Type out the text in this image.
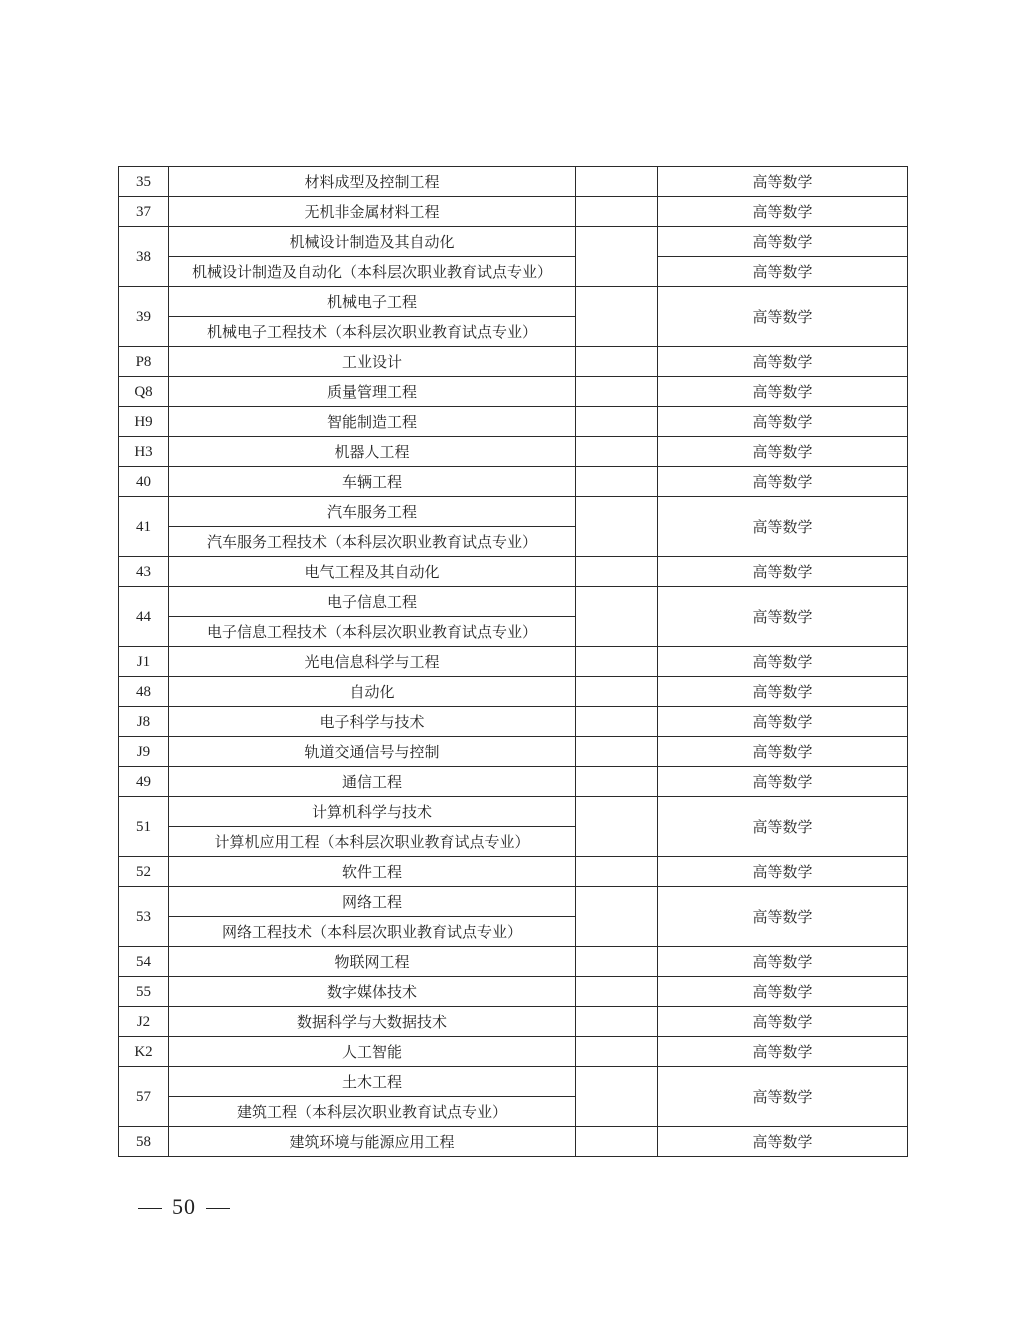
35	材料成型及控制工程		高等数学
37	无机非金属材料工程		高等数学
38	机械设计制造及其自动化		高等数学
	机械设计制造及自动化（本科层次职业教育试点专业）		高等数学
39	机械电子工程		高等数学
	机械电子工程技术（本科层次职业教育试点专业）		
P8	工业设计		高等数学
Q8	质量管理工程		高等数学
H9	智能制造工程		高等数学
H3	机器人工程		高等数学
40	车辆工程		高等数学
41	汽车服务工程		高等数学
	汽车服务工程技术（本科层次职业教育试点专业）		
43	电气工程及其自动化		高等数学
44	电子信息工程		高等数学
	电子信息工程技术（本科层次职业教育试点专业）		
J1	光电信息科学与工程		高等数学
48	自动化		高等数学
J8	电子科学与技术		高等数学
J9	轨道交通信号与控制		高等数学
49	通信工程		高等数学
51	计算机科学与技术		高等数学
	计算机应用工程（本科层次职业教育试点专业）		
52	软件工程		高等数学
53	网络工程		高等数学
	网络工程技术（本科层次职业教育试点专业）		
54	物联网工程		高等数学
55	数字媒体技术		高等数学
J2	数据科学与大数据技术		高等数学
K2	人工智能		高等数学
57	土木工程		高等数学
	建筑工程（本科层次职业教育试点专业）		
58	建筑环境与能源应用工程		高等数学
50
